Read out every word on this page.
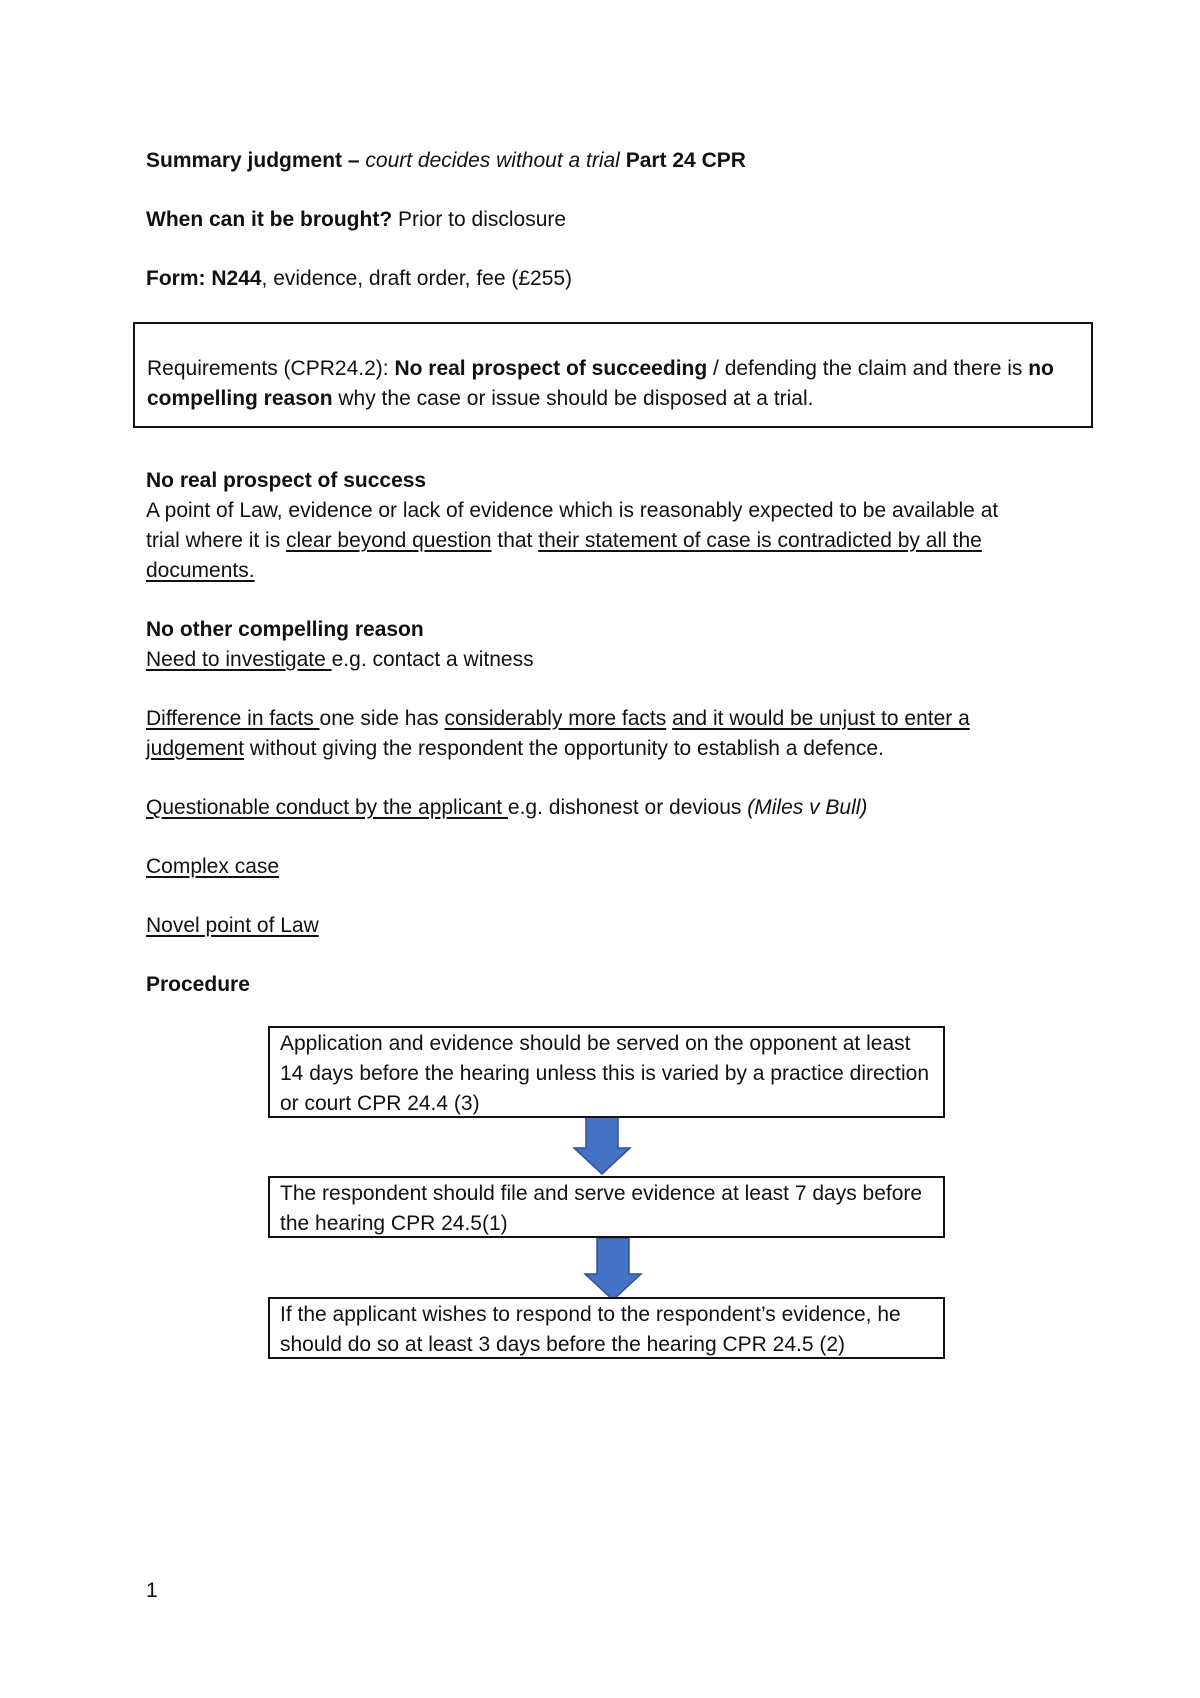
Summary judgment – court decides without a trial Part 24 CPR
When can it be brought? Prior to disclosure
Form: N244, evidence, draft order, fee (£255)
Requirements (CPR24.2): No real prospect of succeeding / defending the claim and there is no
compelling reason why the case or issue should be disposed at a trial.
No real prospect of success
A point of Law, evidence or lack of evidence which is reasonably expected to be available at
trial where it is clear beyond question that their statement of case is contradicted by all the
documents.
No other compelling reason
Need to investigate e.g. contact a witness
Difference in facts one side has considerably more facts and it would be unjust to enter a
judgement without giving the respondent the opportunity to establish a defence.
Questionable conduct by the applicant e.g. dishonest or devious (Miles v Bull)
Complex case
Novel point of Law
Procedure
Application and evidence should be served on the opponent at least 14 days before the hearing unless this is varied by a practice direction or court CPR 24.4 (3)
The respondent should file and serve evidence at least 7 days before the hearing CPR 24.5(1)
If the applicant wishes to respond to the respondent’s evidence, he should do so at least 3 days before the hearing CPR 24.5 (2)
1
